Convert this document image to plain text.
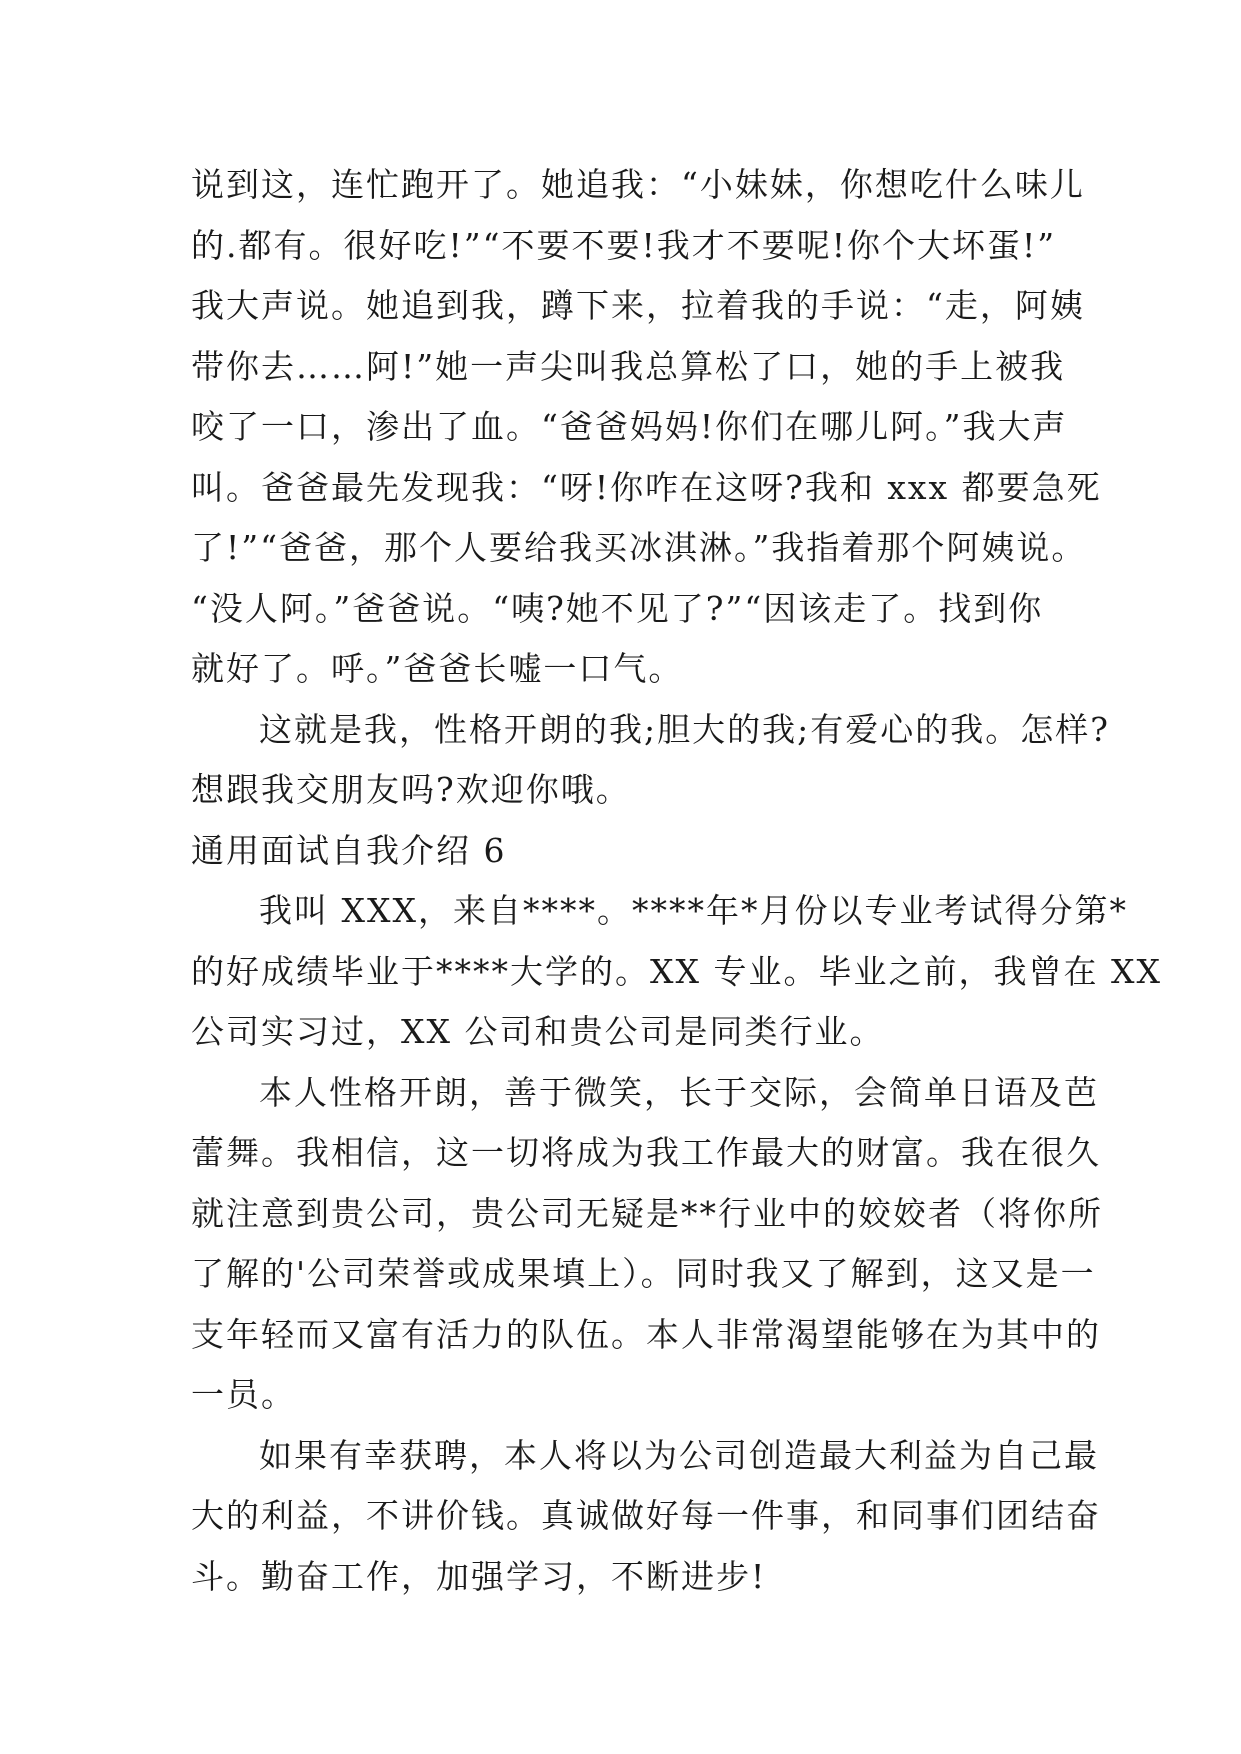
说到这，连忙跑开了。她追我：“小妹妹，你想吃什么味儿
的.都有。很好吃!”“不要不要!我才不要呢!你个大坏蛋!”
我大声说。她追到我，蹲下来，拉着我的手说：“走，阿姨
带你去……阿!”她一声尖叫我总算松了口，她的手上被我
咬了一口，渗出了血。“爸爸妈妈!你们在哪儿阿。”我大声
叫。爸爸最先发现我：“呀!你咋在这呀?我和 xxx 都要急死
了!”“爸爸，那个人要给我买冰淇淋。”我指着那个阿姨说。
“没人阿。”爸爸说。“咦?她不见了?”“因该走了。找到你
就好了。呼。”爸爸长嘘一口气。
这就是我，性格开朗的我;胆大的我;有爱心的我。怎样?
想跟我交朋友吗?欢迎你哦。
通用面试自我介绍 6
我叫 XXX，来自****。****年*月份以专业考试得分第*
的好成绩毕业于****大学的。XX 专业。毕业之前，我曾在 XX
公司实习过，XX 公司和贵公司是同类行业。
本人性格开朗，善于微笑，长于交际，会简单日语及芭
蕾舞。我相信，这一切将成为我工作最大的财富。我在很久
就注意到贵公司，贵公司无疑是**行业中的姣姣者（将你所
了解的'公司荣誉或成果填上）。同时我又了解到，这又是一
支年轻而又富有活力的队伍。本人非常渴望能够在为其中的
一员。
如果有幸获聘，本人将以为公司创造最大利益为自己最
大的利益，不讲价钱。真诚做好每一件事，和同事们团结奋
斗。勤奋工作，加强学习，不断进步!
